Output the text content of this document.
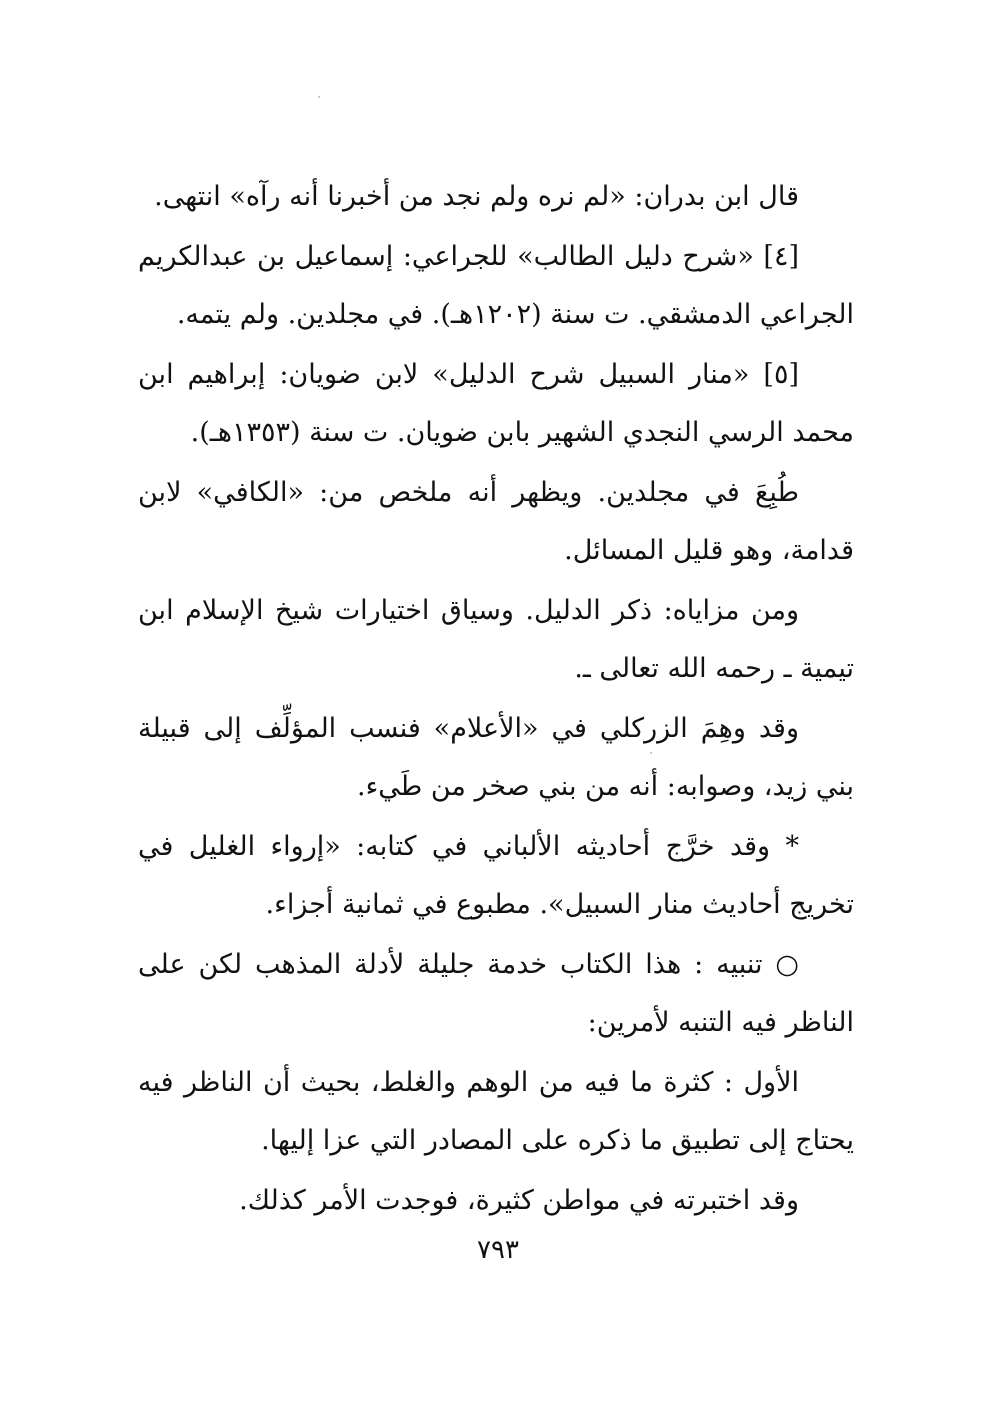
قال ابن بدران: «لم نره ولم نجد من أخبرنا أنه رآه» انتهى.

[٤] «شرح دليل الطالب» للجراعي: إسماعيل بن عبدالكريم الجراعي الدمشقي. ت سنة (١٢٠٢هـ). في مجلدين. ولم يتمه.

[٥] «منار السبيل شرح الدليل» لابن ضويان: إبراهيم ابن محمد الرسي النجدي الشهير بابن ضويان. ت سنة (١٣٥٣هـ).

طُبِعَ في مجلدين. ويظهر أنه ملخص من: «الكافي» لابن قدامة، وهو قليل المسائل.

ومن مزاياه: ذكر الدليل. وسياق اختيارات شيخ الإسلام ابن تيمية ـ رحمه الله تعالى ـ.

وقد وهِمَ الزركلي في «الأعلام» فنسب المؤلِّف إلى قبيلة بني زيد، وصوابه: أنه من بني صخر من طَيء.

* وقد خرَّج أحاديثه الألباني في كتابه: «إرواء الغليل في تخريج أحاديث منار السبيل». مطبوع في ثمانية أجزاء.

○ تنبيه : هذا الكتاب خدمة جليلة لأدلة المذهب لكن على الناظر فيه التنبه لأمرين:

الأول : كثرة ما فيه من الوهم والغلط، بحيث أن الناظر فيه يحتاج إلى تطبيق ما ذكره على المصادر التي عزا إليها.

وقد اختبرته في مواطن كثيرة، فوجدت الأمر كذلك.

٧٩٣
